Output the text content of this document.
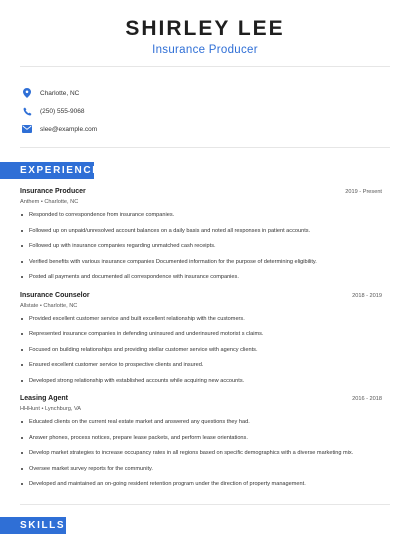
SHIRLEY LEE
Insurance Producer
Charlotte, NC
(250) 555-9068
slee@example.com
EXPERIENCE
Insurance Producer	2019 - Present
Anthem • Charlotte, NC
Responded to correspondence from insurance companies.
Followed up on unpaid/unresolved account balances on a daily basis and noted all responses in patient accounts.
Followed up with insurance companies regarding unmatched cash receipts.
Verified benefits with various insurance companies Documented information for the purpose of determining eligibility.
Posted all payments and documented all correspondence with insurance companies.
Insurance Counselor	2018 - 2019
Allstate • Charlotte, NC
Provided excellent customer service and built excellent relationship with the customers.
Represented insurance companies in defending uninsured and underinsured motorist s claims.
Focused on building relationships and providing stellar customer service with agency clients.
Ensured excellent customer service to prospective clients and insured.
Developed strong relationship with established accounts while acquiring new accounts.
Leasing Agent	2016 - 2018
HHHunt • Lynchburg, VA
Educated clients on the current real estate market and answered any questions they had.
Answer phones, process notices, prepare lease packets, and perform lease orientations.
Develop market strategies to increase occupancy rates in all regions based on specific demographics with a diverse marketing mix.
Oversee market survey reports for the community.
Developed and maintained an on-going resident retention program under the direction of property management.
SKILLS
